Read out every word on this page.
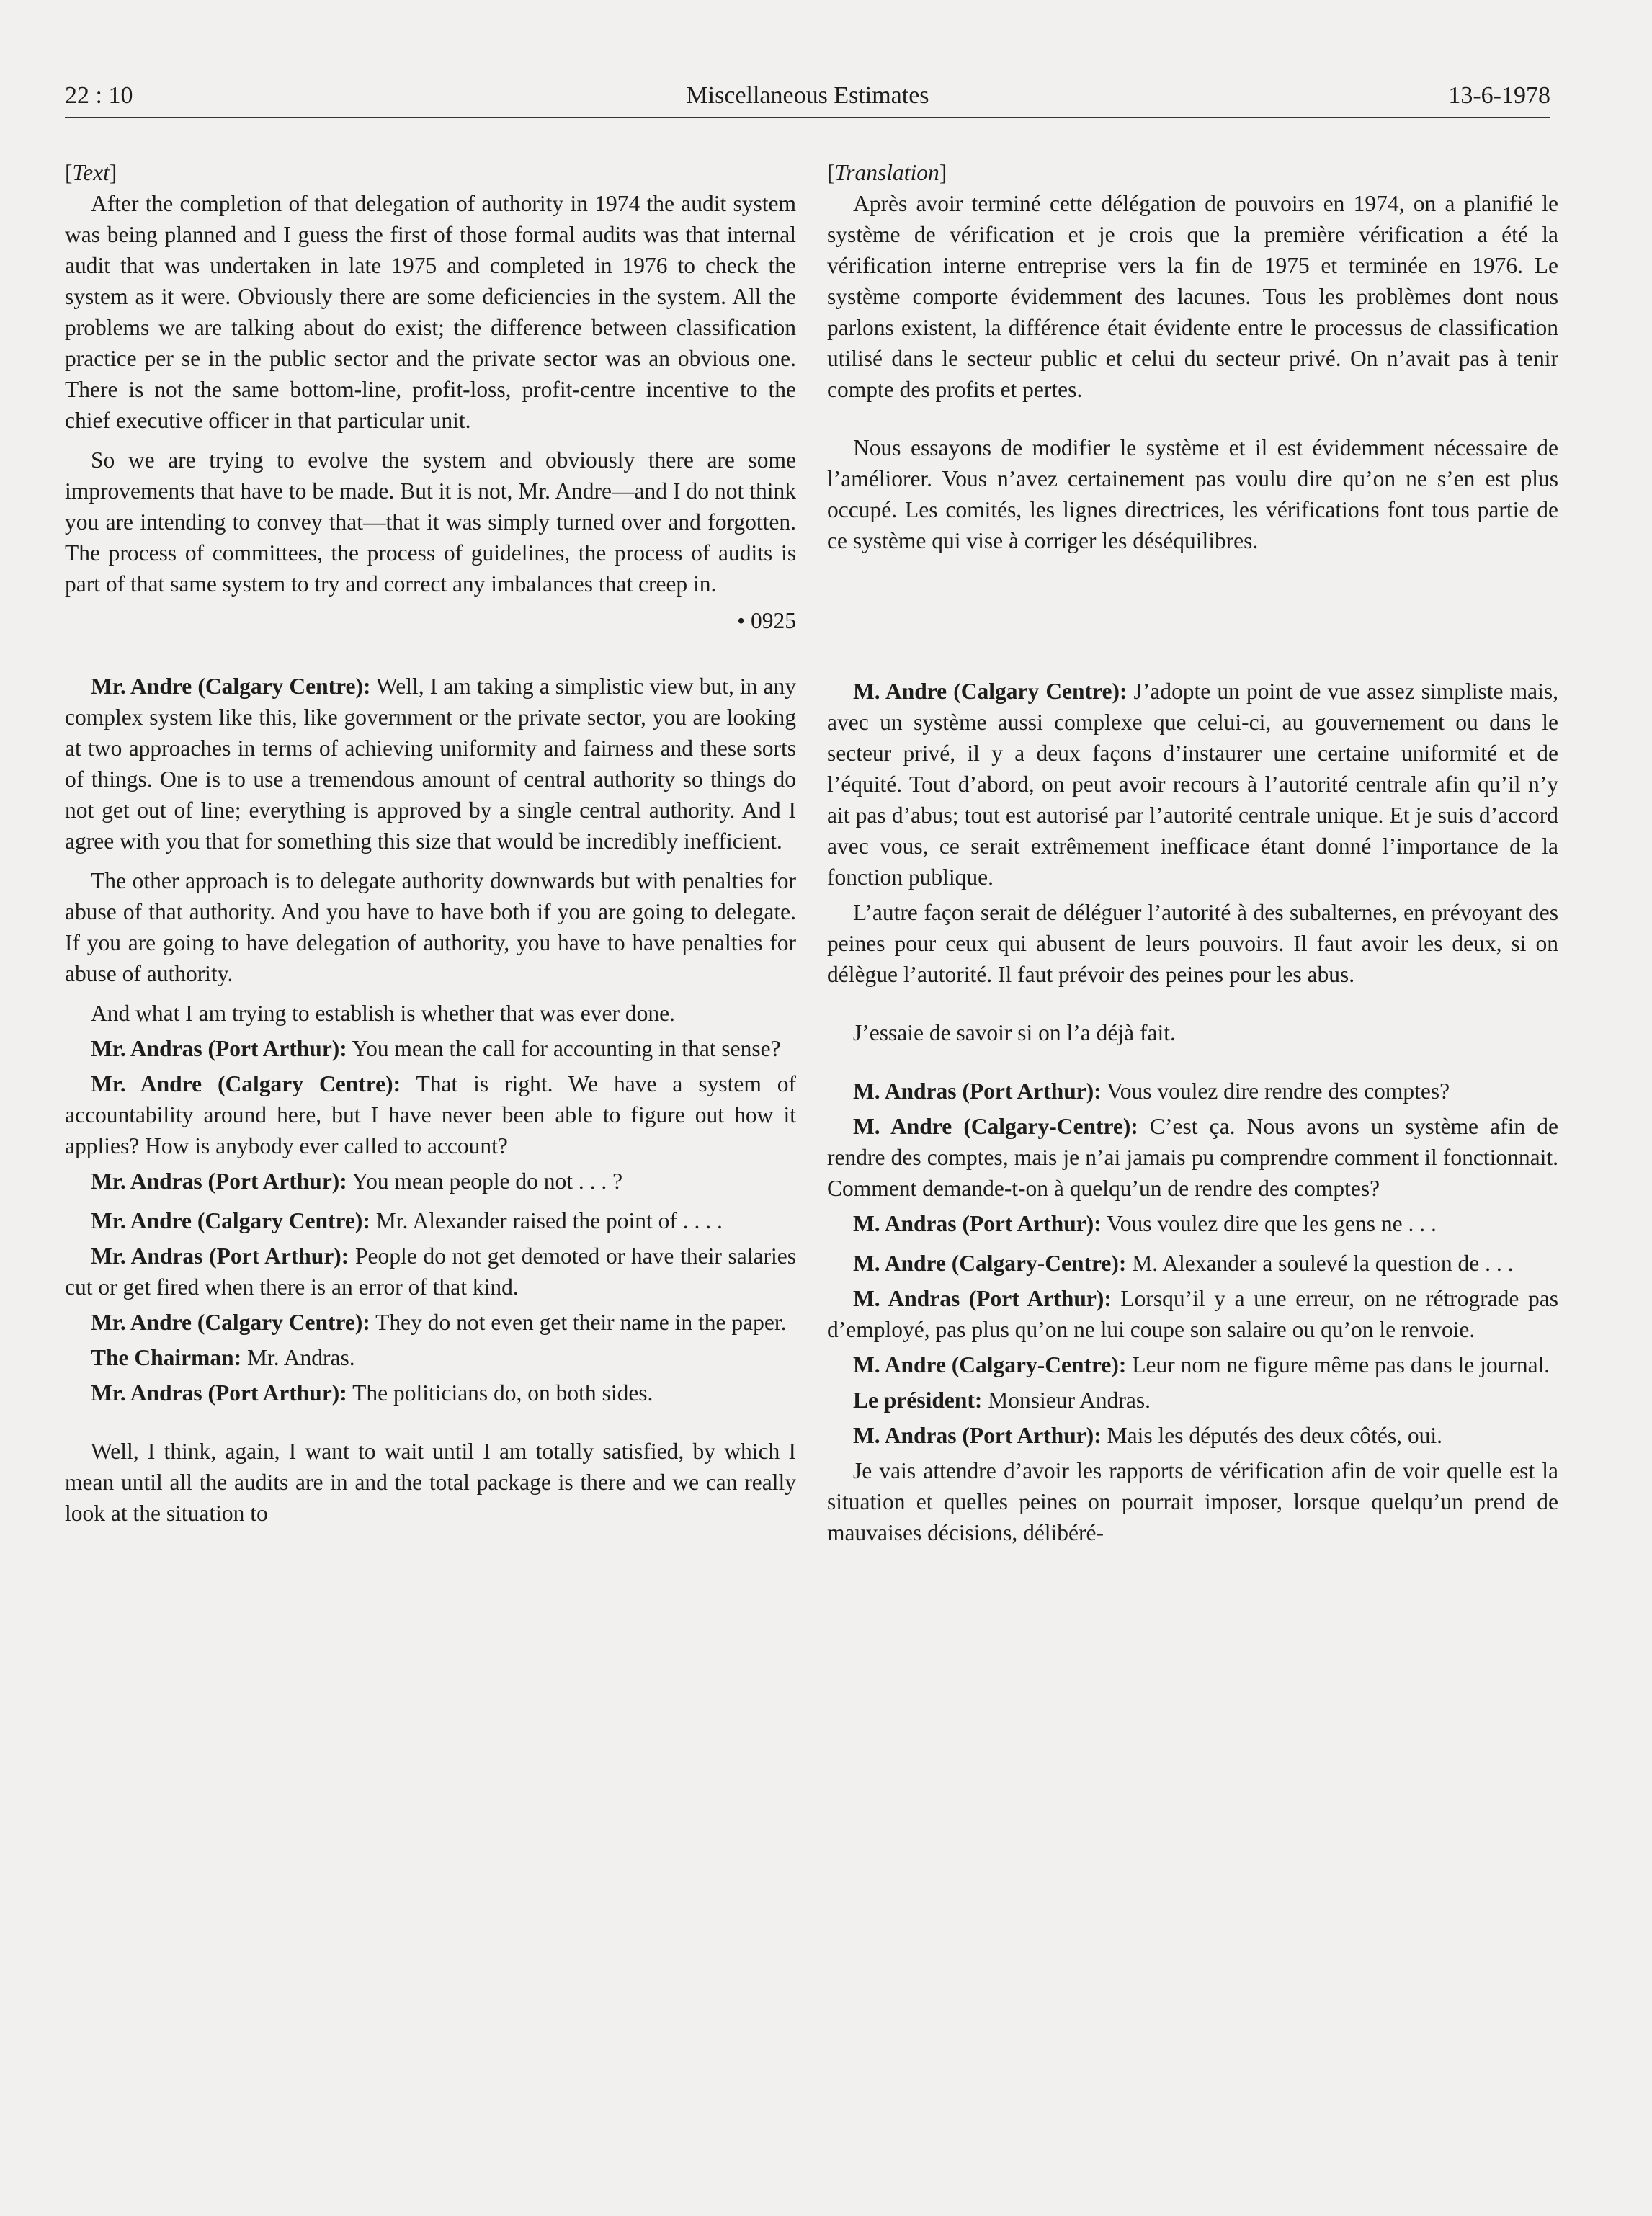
22 : 10	Miscellaneous Estimates	13-6-1978

[Text]

After the completion of that delegation of authority in 1974 the audit system was being planned and I guess the first of those formal audits was that internal audit that was undertaken in late 1975 and completed in 1976 to check the system as it were. Obviously there are some deficiencies in the system. All the problems we are talking about do exist; the difference between classification practice per se in the public sector and the private sector was an obvious one. There is not the same bottom-line, profit-loss, profit-centre incentive to the chief executive officer in that particular unit.

So we are trying to evolve the system and obviously there are some improvements that have to be made. But it is not, Mr. Andre—and I do not think you are intending to convey that—that it was simply turned over and forgotten. The process of committees, the process of guidelines, the process of audits is part of that same system to try and correct any imbalances that creep in.

• 0925

Mr. Andre (Calgary Centre): Well, I am taking a simplistic view but, in any complex system like this, like government or the private sector, you are looking at two approaches in terms of achieving uniformity and fairness and these sorts of things. One is to use a tremendous amount of central authority so things do not get out of line; everything is approved by a single central authority. And I agree with you that for something this size that would be incredibly inefficient.

The other approach is to delegate authority downwards but with penalties for abuse of that authority. And you have to have both if you are going to delegate. If you are going to have delegation of authority, you have to have penalties for abuse of authority.

And what I am trying to establish is whether that was ever done.

Mr. Andras (Port Arthur): You mean the call for accounting in that sense?

Mr. Andre (Calgary Centre): That is right. We have a system of accountability around here, but I have never been able to figure out how it applies? How is anybody ever called to account?

Mr. Andras (Port Arthur): You mean people do not . . . ?

Mr. Andre (Calgary Centre): Mr. Alexander raised the point of . . . .

Mr. Andras (Port Arthur): People do not get demoted or have their salaries cut or get fired when there is an error of that kind.

Mr. Andre (Calgary Centre): They do not even get their name in the paper.

The Chairman: Mr. Andras.

Mr. Andras (Port Arthur): The politicians do, on both sides.

Well, I think, again, I want to wait until I am totally satisfied, by which I mean until all the audits are in and the total package is there and we can really look at the situation to

[Translation]

Après avoir terminé cette délégation de pouvoirs en 1974, on a planifié le système de vérification et je crois que la première vérification a été la vérification interne entreprise vers la fin de 1975 et terminée en 1976. Le système comporte évidemment des lacunes. Tous les problèmes dont nous parlons existent, la différence était évidente entre le processus de classification utilisé dans le secteur public et celui du secteur privé. On n’avait pas à tenir compte des profits et pertes.

Nous essayons de modifier le système et il est évidemment nécessaire de l’améliorer. Vous n’avez certainement pas voulu dire qu’on ne s’en est plus occupé. Les comités, les lignes directrices, les vérifications font tous partie de ce système qui vise à corriger les déséquilibres.

M. Andre (Calgary Centre): J’adopte un point de vue assez simpliste mais, avec un système aussi complexe que celui-ci, au gouvernement ou dans le secteur privé, il y a deux façons d’instaurer une certaine uniformité et de l’équité. Tout d’abord, on peut avoir recours à l’autorité centrale afin qu’il n’y ait pas d’abus; tout est autorisé par l’autorité centrale unique. Et je suis d’accord avec vous, ce serait extrêmement inefficace étant donné l’importance de la fonction publique.

L’autre façon serait de déléguer l’autorité à des subalternes, en prévoyant des peines pour ceux qui abusent de leurs pouvoirs. Il faut avoir les deux, si on délègue l’autorité. Il faut prévoir des peines pour les abus.

J’essaie de savoir si on l’a déjà fait.

M. Andras (Port Arthur): Vous voulez dire rendre des comptes?

M. Andre (Calgary-Centre): C’est ça. Nous avons un système afin de rendre des comptes, mais je n’ai jamais pu comprendre comment il fonctionnait. Comment demande-t-on à quelqu’un de rendre des comptes?

M. Andras (Port Arthur): Vous voulez dire que les gens ne . . .

M. Andre (Calgary-Centre): M. Alexander a soulevé la question de . . .

M. Andras (Port Arthur): Lorsqu’il y a une erreur, on ne rétrograde pas d’employé, pas plus qu’on ne lui coupe son salaire ou qu’on le renvoie.

M. Andre (Calgary-Centre): Leur nom ne figure même pas dans le journal.

Le président: Monsieur Andras.

M. Andras (Port Arthur): Mais les députés des deux côtés, oui.

Je vais attendre d’avoir les rapports de vérification afin de voir quelle est la situation et quelles peines on pourrait imposer, lorsque quelqu’un prend de mauvaises décisions, délibéré-
